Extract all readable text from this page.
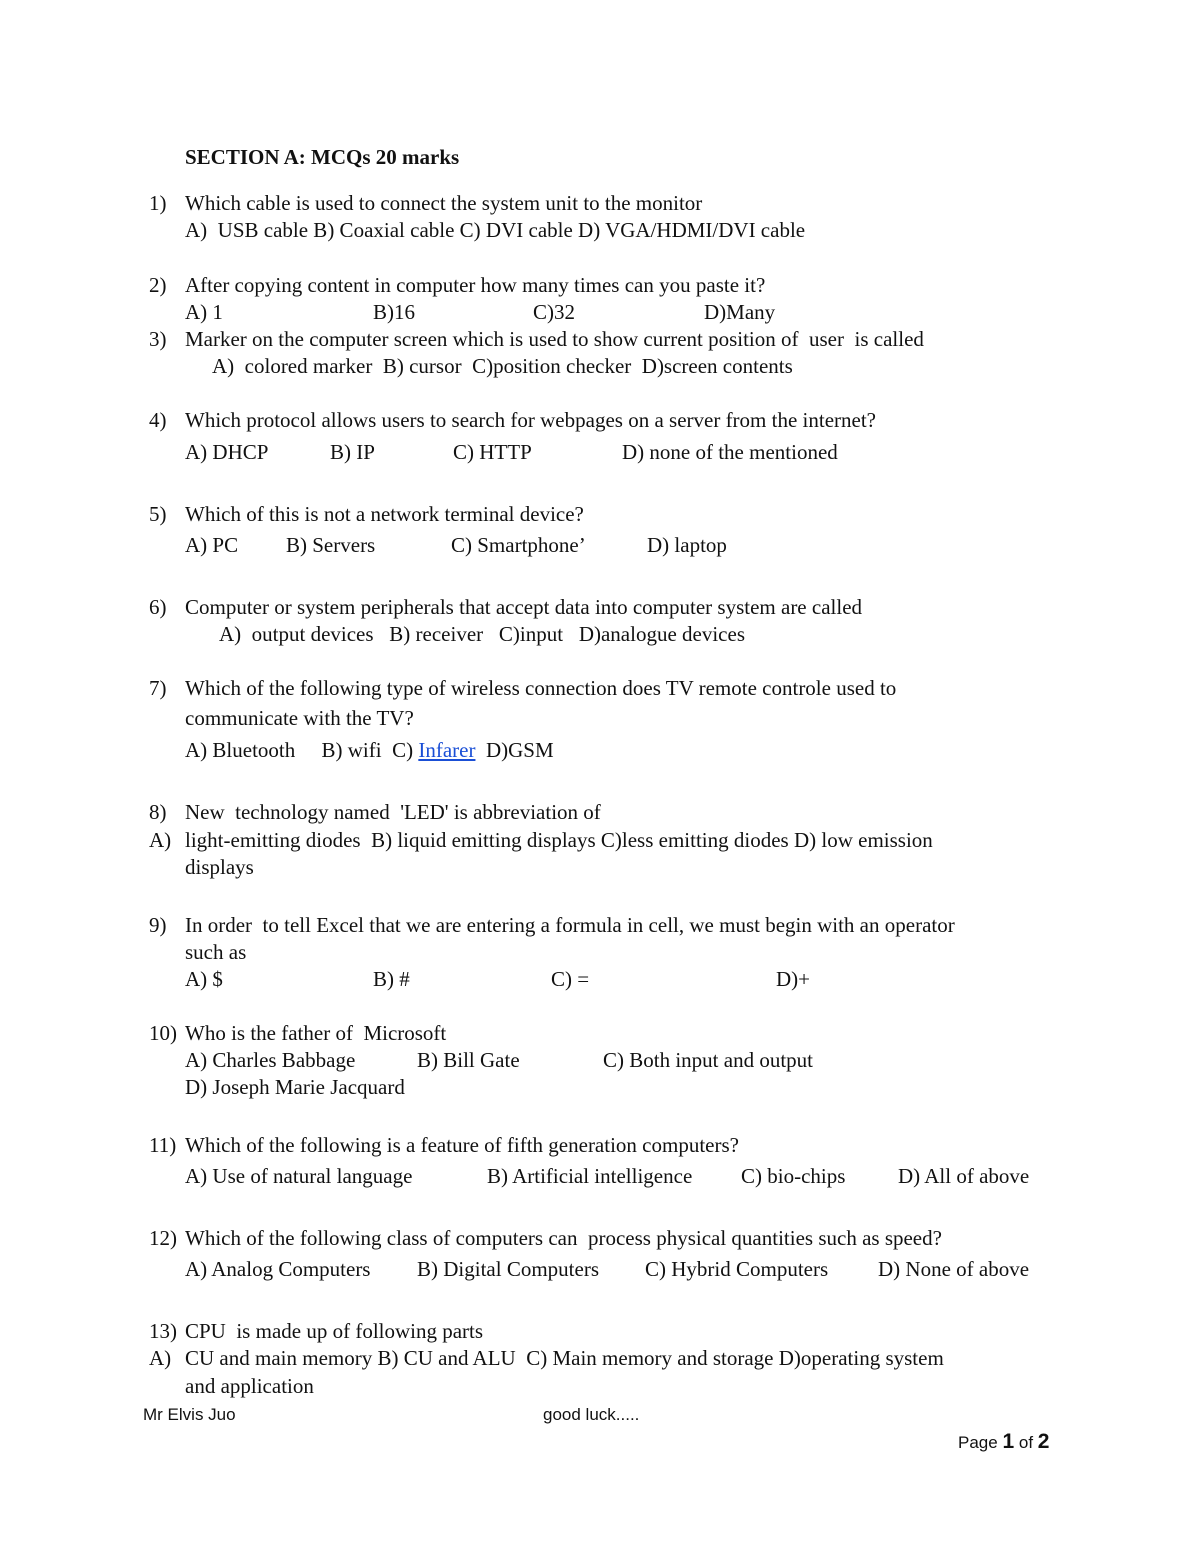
SECTION A: MCQs 20 marks
1) Which cable is used to connect the system unit to the monitor
A)  USB cable B) Coaxial cable C) DVI cable D) VGA/HDMI/DVI cable
2) After copying content in computer how many times can you paste it?
A) 1	B)16	C)32	D)Many
3) Marker on the computer screen which is used to show current position of  user  is called
A)  colored marker  B) cursor  C)position checker  D)screen contents
4) Which protocol allows users to search for webpages on a server from the internet?
A) DHCP	B) IP	C) HTTP	D) none of the mentioned
5) Which of this is not a network terminal device?
A) PC B) Servers	C) Smartphone’	D) laptop
6) Computer or system peripherals that accept data into computer system are called
A)  output devices   B) receiver   C)input   D)analogue devices
7) Which of the following type of wireless connection does TV remote controle used to
communicate with the TV?
A) Bluetooth     B) wifi  C) Infarer  D)GSM
8) New  technology named  'LED' is abbreviation of
A) light-emitting diodes  B) liquid emitting displays C)less emitting diodes D) low emission
displays
9) In order  to tell Excel that we are entering a formula in cell, we must begin with an operator
such as
A) $	B) #	C) =	D)+
10) Who is the father of  Microsoft
A) Charles Babbage	B) Bill Gate	C) Both input and output
D) Joseph Marie Jacquard
11) Which of the following is a feature of fifth generation computers?
A) Use of natural language	B) Artificial intelligence C) bio-chips	D) All of above
12) Which of the following class of computers can  process physical quantities such as speed?
A) Analog Computers B) Digital Computers C) Hybrid Computers D) None of above
13) CPU  is made up of following parts
A) CU and main memory B) CU and ALU  C) Main memory and storage D)operating system
and application
Mr Elvis Juo	good luck.....
Page 1 of 2
